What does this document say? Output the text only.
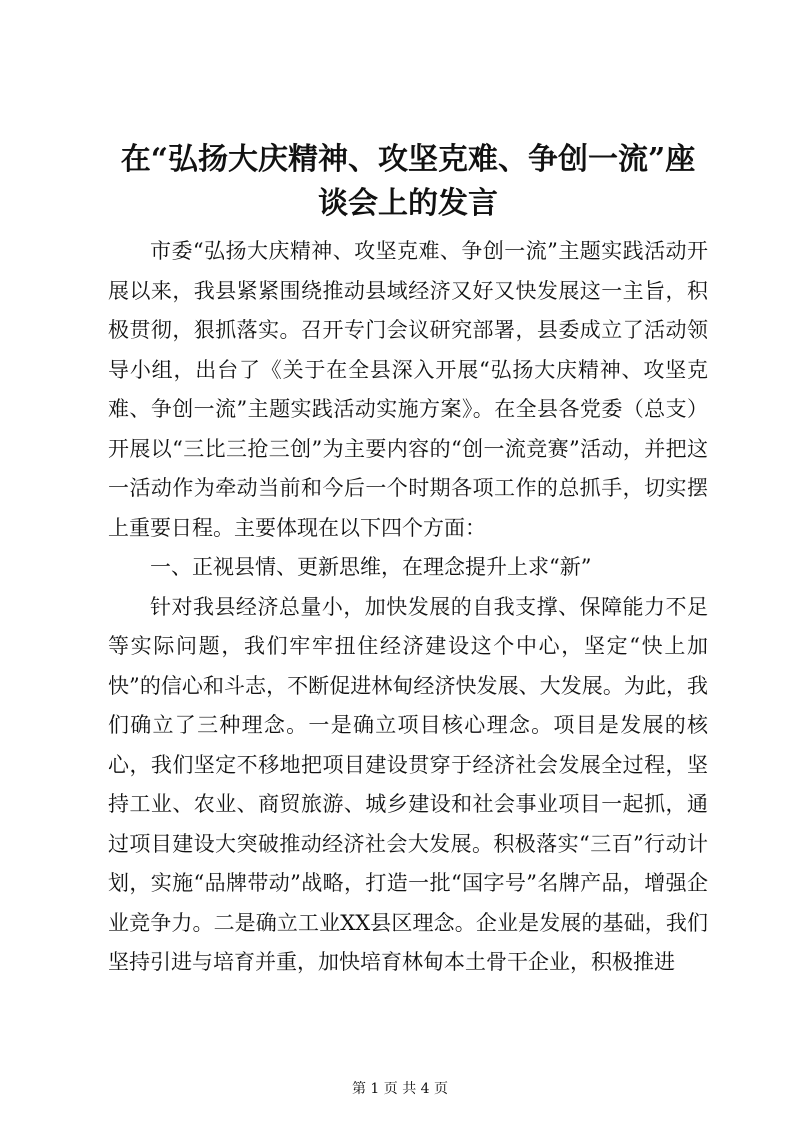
在“弘扬大庆精神、攻坚克难、争创一流”座谈会上的发言

市委“弘扬大庆精神、攻坚克难、争创一流”主题实践活动开展以来，我县紧紧围绕推动县域经济又好又快发展这一主旨，积极贯彻，狠抓落实。召开专门会议研究部署，县委成立了活动领导小组，出台了《关于在全县深入开展“弘扬大庆精神、攻坚克难、争创一流”主题实践活动实施方案》。在全县各党委（总支）开展以“三比三抢三创”为主要内容的“创一流竞赛”活动，并把这一活动作为牵动当前和今后一个时期各项工作的总抓手，切实摆上重要日程。主要体现在以下四个方面：

一、正视县情、更新思维，在理念提升上求“新”

针对我县经济总量小，加快发展的自我支撑、保障能力不足等实际问题，我们牢牢扭住经济建设这个中心，坚定“快上加快”的信心和斗志，不断促进林甸经济快发展、大发展。为此，我们确立了三种理念。一是确立项目核心理念。项目是发展的核心，我们坚定不移地把项目建设贯穿于经济社会发展全过程，坚持工业、农业、商贸旅游、城乡建设和社会事业项目一起抓，通过项目建设大突破推动经济社会大发展。积极落实“三百”行动计划，实施“品牌带动”战略，打造一批“国字号”名牌产品，增强企业竞争力。二是确立工业XX县区理念。企业是发展的基础，我们坚持引进与培育并重，加快培育林甸本土骨干企业，积极推进

第 1 页 共 4 页
